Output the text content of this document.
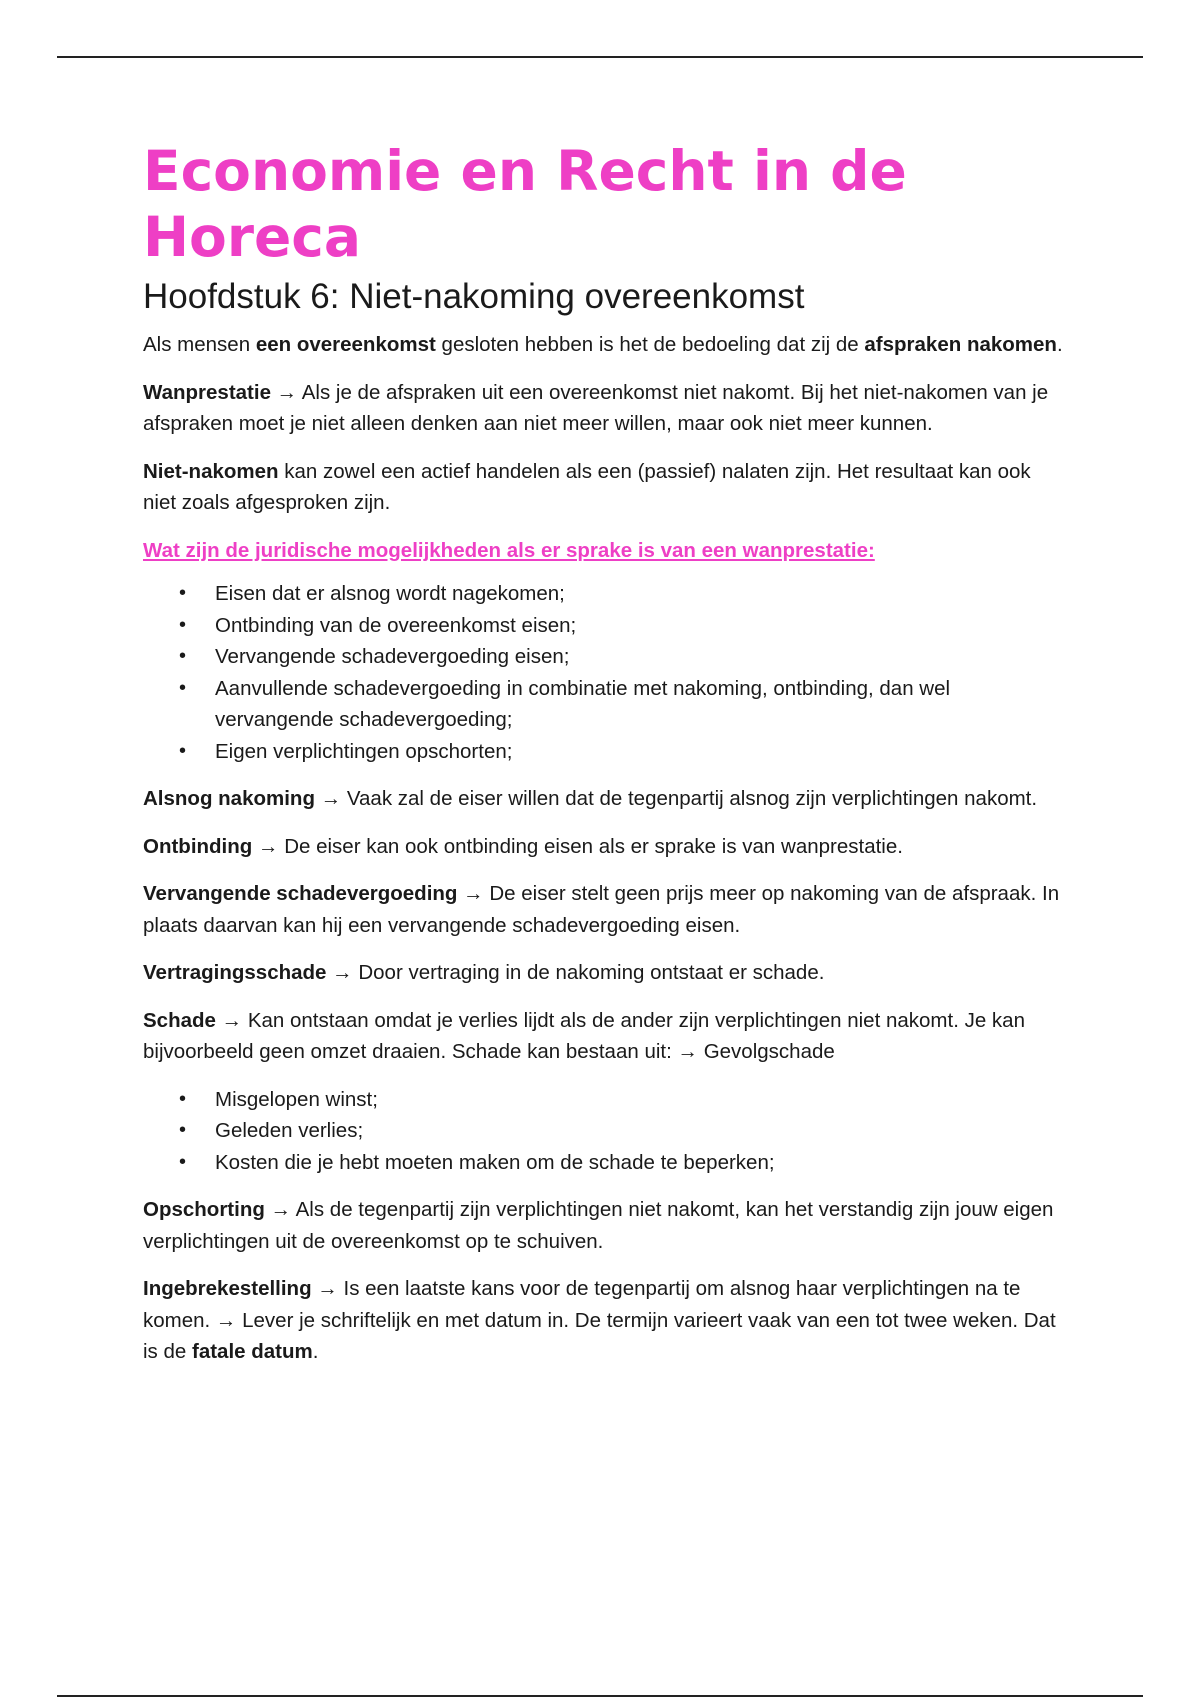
Economie en Recht in de Horeca
Hoofdstuk 6: Niet-nakoming overeenkomst

Als mensen een overeenkomst gesloten hebben is het de bedoeling dat zij de afspraken nakomen.

Wanprestatie → Als je de afspraken uit een overeenkomst niet nakomt. Bij het niet-nakomen van je afspraken moet je niet alleen denken aan niet meer willen, maar ook niet meer kunnen.

Niet-nakomen kan zowel een actief handelen als een (passief) nalaten zijn. Het resultaat kan ook niet zoals afgesproken zijn.

Wat zijn de juridische mogelijkheden als er sprake is van een wanprestatie:

• Eisen dat er alsnog wordt nagekomen;
• Ontbinding van de overeenkomst eisen;
• Vervangende schadevergoeding eisen;
• Aanvullende schadevergoeding in combinatie met nakoming, ontbinding, dan wel vervangende schadevergoeding;
• Eigen verplichtingen opschorten;

Alsnog nakoming → Vaak zal de eiser willen dat de tegenpartij alsnog zijn verplichtingen nakomt.

Ontbinding → De eiser kan ook ontbinding eisen als er sprake is van wanprestatie.

Vervangende schadevergoeding → De eiser stelt geen prijs meer op nakoming van de afspraak. In plaats daarvan kan hij een vervangende schadevergoeding eisen.

Vertragingsschade → Door vertraging in de nakoming ontstaat er schade.

Schade → Kan ontstaan omdat je verlies lijdt als de ander zijn verplichtingen niet nakomt. Je kan bijvoorbeeld geen omzet draaien. Schade kan bestaan uit: → Gevolgschade

• Misgelopen winst;
• Geleden verlies;
• Kosten die je hebt moeten maken om de schade te beperken;

Opschorting → Als de tegenpartij zijn verplichtingen niet nakomt, kan het verstandig zijn jouw eigen verplichtingen uit de overeenkomst op te schuiven.

Ingebrekestelling → Is een laatste kans voor de tegenpartij om alsnog haar verplichtingen na te komen. → Lever je schriftelijk en met datum in. De termijn varieert vaak van een tot twee weken. Dat is de fatale datum.
